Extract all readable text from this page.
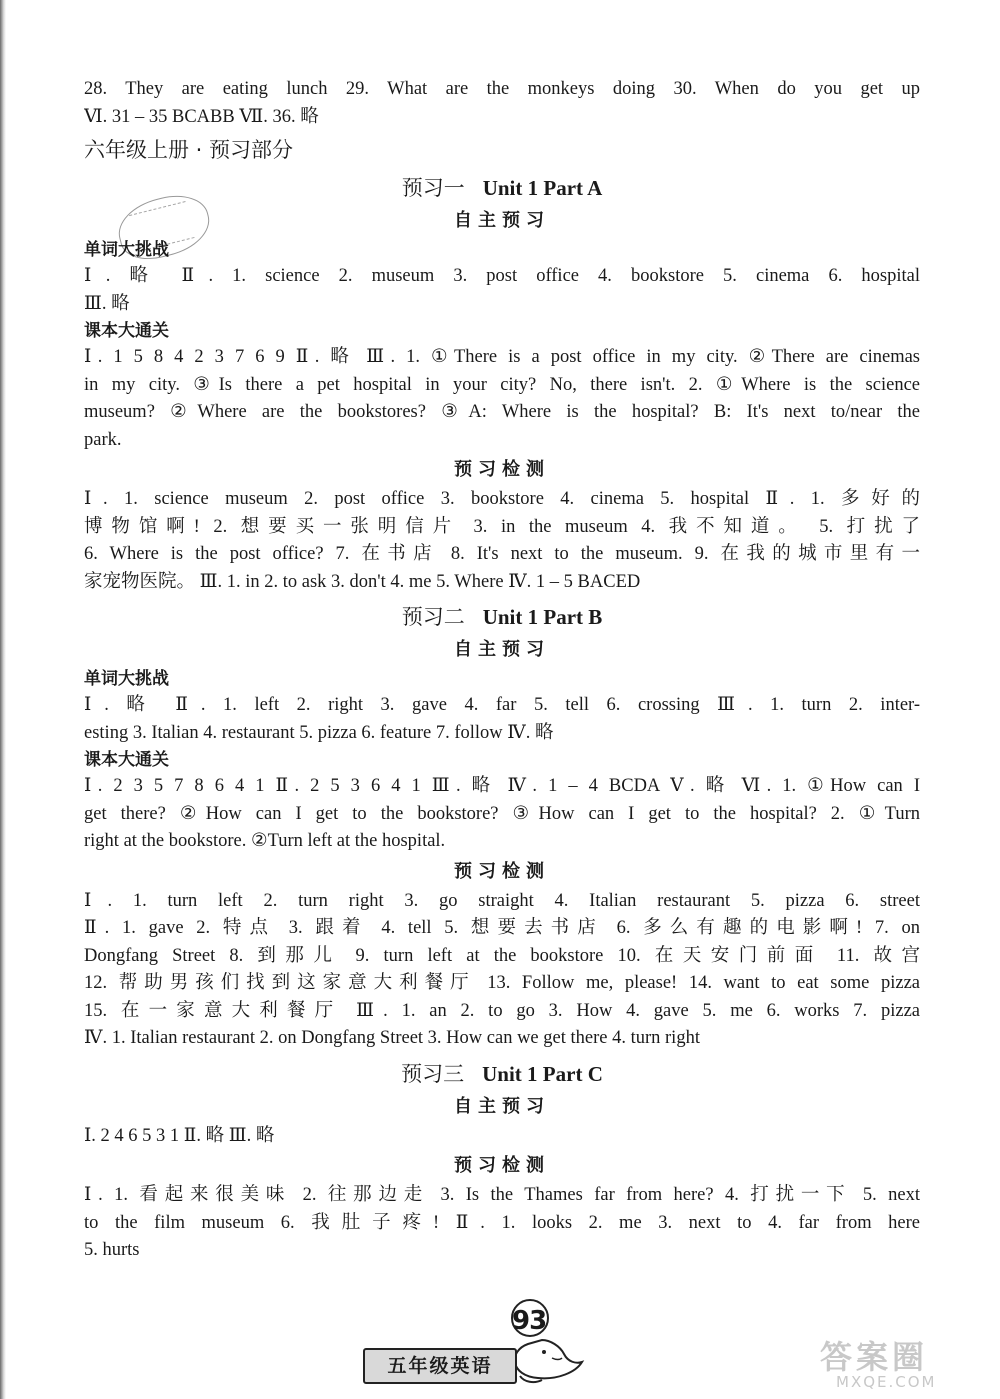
28. They are eating lunch 29. What are the monkeys doing 30. When do you get up
Ⅵ. 31 – 35 BCABB Ⅶ. 36. 略
六年级上册 · 预习部分
预习一 Unit 1 Part A
自主预习
单词大挑战
Ⅰ. 略 Ⅱ. 1. science 2. museum 3. post office 4. bookstore 5. cinema 6. hospital
Ⅲ. 略
课本大通关
Ⅰ. 1 5 8 4 2 3 7 6 9 Ⅱ. 略 Ⅲ. 1. ①There is a post office in my city. ②There are cinemas
in my city. ③Is there a pet hospital in your city? No, there isn't. 2. ①Where is the science
museum? ②Where are the bookstores? ③A: Where is the hospital? B: It's next to/near the
park.
预习检测
Ⅰ. 1. science museum 2. post office 3. bookstore 4. cinema 5. hospital Ⅱ. 1. 多好的
博物馆啊! 2. 想要买一张明信片 3. in the museum 4. 我不知道。 5. 打扰了
6. Where is the post office? 7. 在书店 8. It's next to the museum. 9. 在我的城市里有一
家宠物医院。 Ⅲ. 1. in 2. to ask 3. don't 4. me 5. Where Ⅳ. 1 – 5 BACED
预习二 Unit 1 Part B
自主预习
单词大挑战
Ⅰ. 略 Ⅱ. 1. left 2. right 3. gave 4. far 5. tell 6. crossing Ⅲ. 1. turn 2. inter-
esting 3. Italian 4. restaurant 5. pizza 6. feature 7. follow Ⅳ. 略
课本大通关
Ⅰ. 2 3 5 7 8 6 4 1 Ⅱ. 2 5 3 6 4 1 Ⅲ. 略 Ⅳ. 1 – 4 BCDA Ⅴ. 略 Ⅵ. 1. ①How can I
get there? ②How can I get to the bookstore? ③How can I get to the hospital? 2. ①Turn
right at the bookstore. ②Turn left at the hospital.
预习检测
Ⅰ. 1. turn left 2. turn right 3. go straight 4. Italian restaurant 5. pizza 6. street
Ⅱ. 1. gave 2. 特点 3. 跟着 4. tell 5. 想要去书店 6. 多么有趣的电影啊! 7. on
Dongfang Street 8. 到那儿 9. turn left at the bookstore 10. 在天安门前面 11. 故宫
12. 帮助男孩们找到这家意大利餐厅 13. Follow me, please! 14. want to eat some pizza
15. 在一家意大利餐厅 Ⅲ. 1. an 2. to go 3. How 4. gave 5. me 6. works 7. pizza
Ⅳ. 1. Italian restaurant 2. on Dongfang Street 3. How can we get there 4. turn right
预习三 Unit 1 Part C
自主预习
Ⅰ. 2 4 6 5 3 1 Ⅱ. 略 Ⅲ. 略
预习检测
Ⅰ. 1. 看起来很美味 2. 往那边走 3. Is the Thames far from here? 4. 打扰一下 5. next
to the film museum 6. 我肚子疼! Ⅱ. 1. looks 2. me 3. next to 4. far from here
5. hurts
93
五年级英语	答案圈
MXQE.COM
